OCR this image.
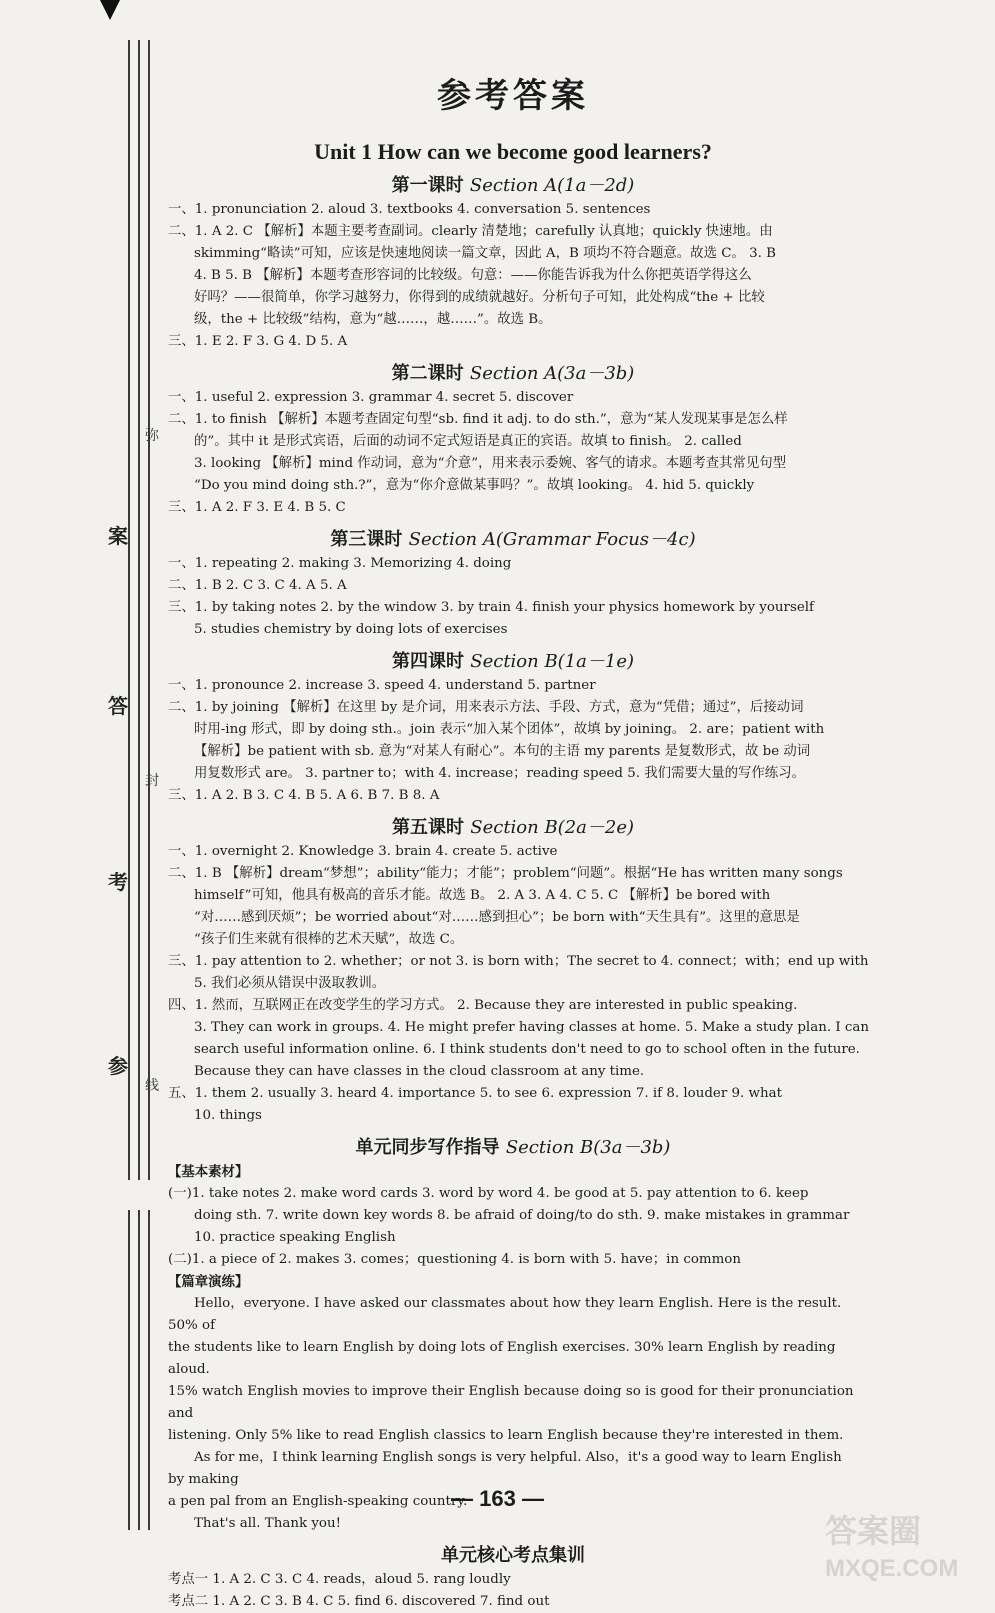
弥
案
答
封
考
参
线
参考答案
Unit 1 How can we become good learners?
第一课时 Section A(1a－2d)
一、1. pronunciation 2. aloud 3. textbooks 4. conversation 5. sentences
二、1. A 2. C 【解析】本题主要考查副词。clearly 清楚地；carefully 认真地；quickly 快速地。由
skimming“略读”可知，应该是快速地阅读一篇文章，因此 A，B 项均不符合题意。故选 C。 3. B
4. B 5. B 【解析】本题考查形容词的比较级。句意：——你能告诉我为什么你把英语学得这么
好吗？——很简单，你学习越努力，你得到的成绩就越好。分析句子可知，此处构成“the + 比较
级，the + 比较级”结构，意为“越……，越……”。故选 B。
三、1. E 2. F 3. G 4. D 5. A
第二课时 Section A(3a－3b)
一、1. useful 2. expression 3. grammar 4. secret 5. discover
二、1. to finish 【解析】本题考查固定句型“sb. find it adj. to do sth.”，意为“某人发现某事是怎么样
的”。其中 it 是形式宾语，后面的动词不定式短语是真正的宾语。故填 to finish。 2. called
3. looking 【解析】mind 作动词，意为“介意”，用来表示委婉、客气的请求。本题考查其常见句型
“Do you mind doing sth.?”，意为“你介意做某事吗？”。故填 looking。 4. hid 5. quickly
三、1. A 2. F 3. E 4. B 5. C
第三课时 Section A(Grammar Focus－4c)
一、1. repeating 2. making 3. Memorizing 4. doing
二、1. B 2. C 3. C 4. A 5. A
三、1. by taking notes 2. by the window 3. by train 4. finish your physics homework by yourself
5. studies chemistry by doing lots of exercises
第四课时 Section B(1a－1e)
一、1. pronounce 2. increase 3. speed 4. understand 5. partner
二、1. by joining 【解析】在这里 by 是介词，用来表示方法、手段、方式，意为“凭借；通过”，后接动词
时用-ing 形式，即 by doing sth.。join 表示“加入某个团体”，故填 by joining。 2. are；patient with
【解析】be patient with sb. 意为“对某人有耐心”。本句的主语 my parents 是复数形式，故 be 动词
用复数形式 are。 3. partner to；with 4. increase；reading speed 5. 我们需要大量的写作练习。
三、1. A 2. B 3. C 4. B 5. A 6. B 7. B 8. A
第五课时 Section B(2a－2e)
一、1. overnight 2. Knowledge 3. brain 4. create 5. active
二、1. B 【解析】dream“梦想”；ability“能力；才能”；problem“问题”。根据“He has written many songs
himself”可知，他具有极高的音乐才能。故选 B。 2. A 3. A 4. C 5. C 【解析】be bored with
“对……感到厌烦”；be worried about“对……感到担心”；be born with“天生具有”。这里的意思是
“孩子们生来就有很棒的艺术天赋”，故选 C。
三、1. pay attention to 2. whether；or not 3. is born with；The secret to 4. connect；with；end up with
5. 我们必须从错误中汲取教训。
四、1. 然而，互联网正在改变学生的学习方式。 2. Because they are interested in public speaking.
3. They can work in groups. 4. He might prefer having classes at home. 5. Make a study plan. I can
search useful information online. 6. I think students don't need to go to school often in the future.
Because they can have classes in the cloud classroom at any time.
五、1. them 2. usually 3. heard 4. importance 5. to see 6. expression 7. if 8. louder 9. what
10. things
单元同步写作指导 Section B(3a－3b)
【基本素材】
(一)1. take notes 2. make word cards 3. word by word 4. be good at 5. pay attention to 6. keep
doing sth. 7. write down key words 8. be afraid of doing/to do sth. 9. make mistakes in grammar
10. practice speaking English
(二)1. a piece of 2. makes 3. comes；questioning 4. is born with 5. have；in common
【篇章演练】
Hello，everyone. I have asked our classmates about how they learn English. Here is the result. 50% of
the students like to learn English by doing lots of English exercises. 30% learn English by reading aloud.
15% watch English movies to improve their English because doing so is good for their pronunciation and
listening. Only 5% like to read English classics to learn English because they're interested in them.
As for me，I think learning English songs is very helpful. Also，it's a good way to learn English by making
a pen pal from an English-speaking country.
That's all. Thank you!
单元核心考点集训
考点一 1. A 2. C 3. C 4. reads，aloud 5. rang loudly
考点二 1. A 2. C 3. B 4. C 5. find 6. discovered 7. find out
— 163 —
答案圈
MXQE.COM
